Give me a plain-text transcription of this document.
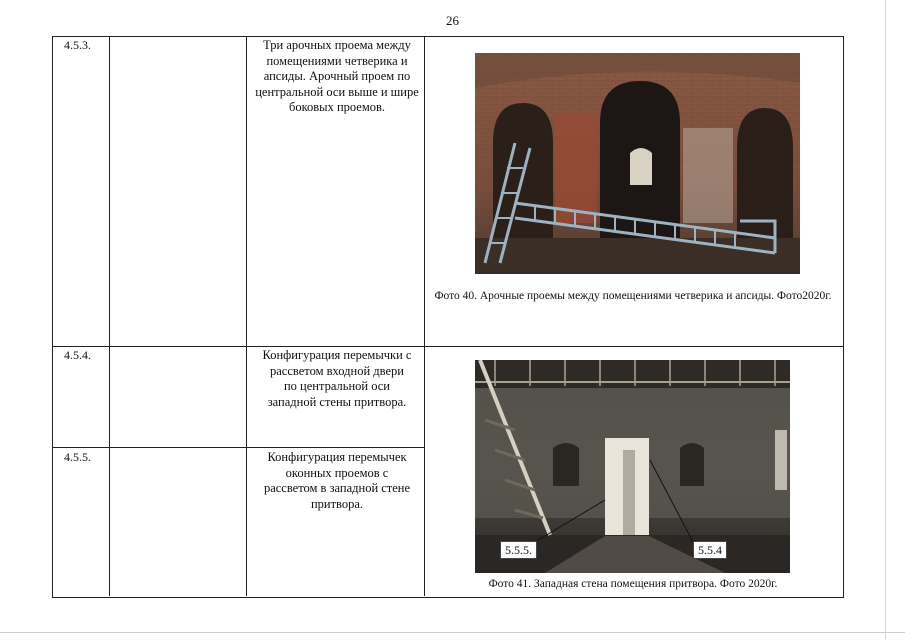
26
4.5.3.	Три арочных проема между помещениями четверика и апсиды. Арочный проем по центральной оси выше и шире боковых проемов.
4.5.4.	Конфигурация перемычки с рассветом входной двери по центральной оси западной стены притвора.
4.5.5.	Конфигурация перемычек оконных проемов с рассветом в западной стене притвора.
Фото 40. Арочные проемы между помещениями четверика и апсиды. Фото2020г.
5.5.5.	5.5.4
Фото 41. Западная стена помещения притвора. Фото 2020г.
